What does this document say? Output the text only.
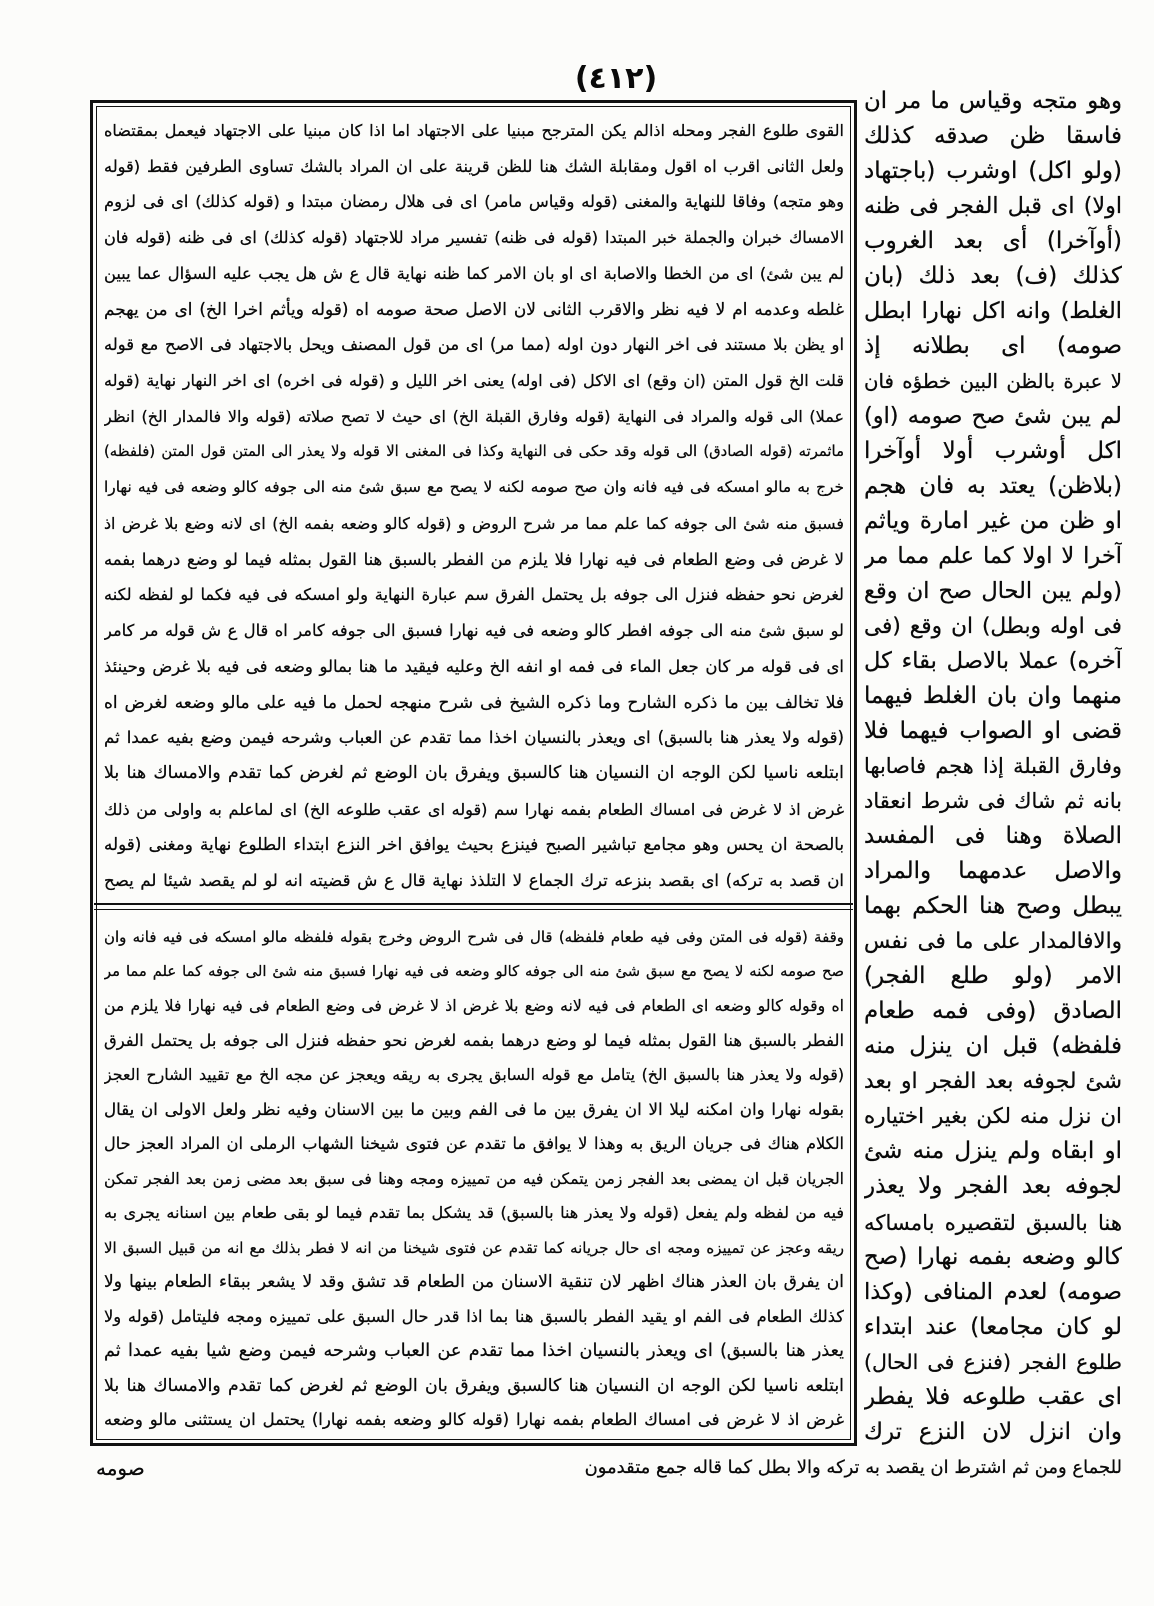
(٤١٢)
القوى طلوع الفجر ومحله اذالم يكن المترجح مبنيا على الاجتهاد اما اذا كان مبنيا على الاجتهاد فيعمل بمقتضاه
ولعل الثانى اقرب اه اقول ومقابلة الشك هنا للظن قرينة على ان المراد بالشك تساوى الطرفين فقط (قوله
وهو متجه) وفاقا للنهاية والمغنى (قوله وقياس مامر) اى فى هلال رمضان مبتدا و (قوله كذلك) اى فى لزوم
الامساك خبران والجملة خبر المبتدا (قوله فى ظنه) تفسير مراد للاجتهاد (قوله كذلك) اى فى ظنه (قوله فان
لم يبن شئ) اى من الخطا والاصابة اى او بان الامر كما ظنه نهاية قال ع ش هل يجب عليه السؤال عما يبين
غلطه وعدمه ام لا فيه نظر والاقرب الثانى لان الاصل صحة صومه اه (قوله ويأثم اخرا الخ) اى من يهجم
او يظن بلا مستند فى اخر النهار دون اوله (مما مر) اى من قول المصنف ويحل بالاجتهاد فى الاصح مع قوله
قلت الخ قول المتن (ان وقع) اى الاكل (فى اوله) يعنى اخر الليل و (قوله فى اخره) اى اخر النهار نهاية (قوله
عملا) الى قوله والمراد فى النهاية (قوله وفارق القبلة الخ) اى حيث لا تصح صلاته (قوله والا فالمدار الخ) انظر
ماثمرته (قوله الصادق) الى قوله وقد حكى فى النهاية وكذا فى المغنى الا قوله ولا يعذر الى المتن قول المتن (فلفظه)
خرج به مالو امسكه فى فيه فانه وان صح صومه لكنه لا يصح مع سبق شئ منه الى جوفه كالو وضعه فى فيه نهارا
فسبق منه شئ الى جوفه كما علم مما مر شرح الروض و (قوله كالو وضعه بفمه الخ) اى لانه وضع بلا غرض اذ
لا غرض فى وضع الطعام فى فيه نهارا فلا يلزم من الفطر بالسبق هنا القول بمثله فيما لو وضع درهما بفمه
لغرض نحو حفظه فنزل الى جوفه بل يحتمل الفرق سم عبارة النهاية ولو امسكه فى فيه فكما لو لفظه لكنه
لو سبق شئ منه الى جوفه افطر كالو وضعه فى فيه نهارا فسبق الى جوفه كامر اه قال ع ش قوله مر كامر
اى فى قوله مر كان جعل الماء فى فمه او انفه الخ وعليه فيقيد ما هنا بمالو وضعه فى فيه بلا غرض وحينئذ
فلا تخالف بين ما ذكره الشارح وما ذكره الشيخ فى شرح منهجه لحمل ما فيه على مالو وضعه لغرض اه
(قوله ولا يعذر هنا بالسبق) اى ويعذر بالنسيان اخذا مما تقدم عن العباب وشرحه فيمن وضع بفيه عمدا ثم
ابتلعه ناسيا لكن الوجه ان النسيان هنا كالسبق ويفرق بان الوضع ثم لغرض كما تقدم والامساك هنا بلا
غرض اذ لا غرض فى امساك الطعام بفمه نهارا سم (قوله اى عقب طلوعه الخ) اى لماعلم به واولى من ذلك
بالصحة ان يحس وهو مجامع تباشير الصبح فينزع بحيث يوافق اخر النزع ابتداء الطلوع نهاية ومغنى (قوله
ان قصد به تركه) اى بقصد بنزعه ترك الجماع لا التلذذ نهاية قال ع ش قضيته انه لو لم يقصد شيئا لم يصح
وقفة (قوله فى المتن وفى فيه طعام فلفظه) قال فى شرح الروض وخرج بقوله فلفظه مالو امسكه فى فيه فانه وان
صح صومه لكنه لا يصح مع سبق شئ منه الى جوفه كالو وضعه فى فيه نهارا فسبق منه شئ الى جوفه كما علم مما مر
اه وقوله كالو وضعه اى الطعام فى فيه لانه وضع بلا غرض اذ لا غرض فى وضع الطعام فى فيه نهارا فلا يلزم من
الفطر بالسبق هنا القول بمثله فيما لو وضع درهما بفمه لغرض نحو حفظه فنزل الى جوفه بل يحتمل الفرق
(قوله ولا يعذر هنا بالسبق الخ) يتامل مع قوله السابق يجرى به ريقه ويعجز عن مجه الخ مع تقييد الشارح العجز
بقوله نهارا وان امكنه ليلا الا ان يفرق بين ما فى الفم وبين ما بين الاسنان وفيه نظر ولعل الاولى ان يقال
الكلام هناك فى جريان الريق به وهذا لا يوافق ما تقدم عن فتوى شيخنا الشهاب الرملى ان المراد العجز حال
الجريان قبل ان يمضى بعد الفجر زمن يتمكن فيه من تمييزه ومجه وهنا فى سبق بعد مضى زمن بعد الفجر تمكن
فيه من لفظه ولم يفعل (قوله ولا يعذر هنا بالسبق) قد يشكل بما تقدم فيما لو بقى طعام بين اسنانه يجرى به
ريقه وعجز عن تمييزه ومجه اى حال جريانه كما تقدم عن فتوى شيخنا من انه لا فطر بذلك مع انه من قبيل السبق الا
ان يفرق بان العذر هناك اظهر لان تنقية الاسنان من الطعام قد تشق وقد لا يشعر ببقاء الطعام بينها ولا
كذلك الطعام فى الفم او يقيد الفطر بالسبق هنا بما اذا قدر حال السبق على تمييزه ومجه فليتامل (قوله ولا
يعذر هنا بالسبق) اى ويعذر بالنسيان اخذا مما تقدم عن العباب وشرحه فيمن وضع شيا بفيه عمدا ثم
ابتلعه ناسيا لكن الوجه ان النسيان هنا كالسبق ويفرق بان الوضع ثم لغرض كما تقدم والامساك هنا بلا
غرض اذ لا غرض فى امساك الطعام بفمه نهارا (قوله كالو وضعه بفمه نهارا) يحتمل ان يستثنى مالو وضعه
وهو متجه وقياس ما مر ان
فاسقا ظن صدقه كذلك
(ولو اكل) اوشرب (باجتهاد
اولا) اى قبل الفجر فى ظنه
(أوآخرا) أى بعد الغروب
كذلك (ف) بعد ذلك (بان
الغلط) وانه اكل نهارا ابطل
صومه) اى بطلانه إذ
لا عبرة بالظن البين خطؤه فان
لم يبن شئ صح صومه (او)
اكل أوشرب أولا أوآخرا
(بلاظن) يعتد به فان هجم
او ظن من غير امارة وياثم
آخرا لا اولا كما علم مما مر
(ولم يبن الحال صح ان وقع
فى اوله وبطل) ان وقع (فى
آخره) عملا بالاصل بقاء كل
منهما وان بان الغلط فيهما
قضى او الصواب فيهما فلا
وفارق القبلة إذا هجم فاصابها
بانه ثم شاك فى شرط انعقاد
الصلاة وهنا فى المفسد
والاصل عدمهما والمراد
يبطل وصح هنا الحكم بهما
والافالمدار على ما فى نفس
الامر (ولو طلع الفجر)
الصادق (وفى فمه طعام
فلفظه) قبل ان ينزل منه
شئ لجوفه بعد الفجر او بعد
ان نزل منه لكن بغير اختياره
او ابقاه ولم ينزل منه شئ
لجوفه بعد الفجر ولا يعذر
هنا بالسبق لتقصيره بامساكه
كالو وضعه بفمه نهارا (صح
صومه) لعدم المنافى (وكذا
لو كان مجامعا) عند ابتداء
طلوع الفجر (فنزع فى الحال)
اى عقب طلوعه فلا يفطر
وان انزل لان النزع ترك
للجماع ومن ثم اشترط ان يقصد به تركه والا بطل كما قاله جمع متقدمون
صومه
